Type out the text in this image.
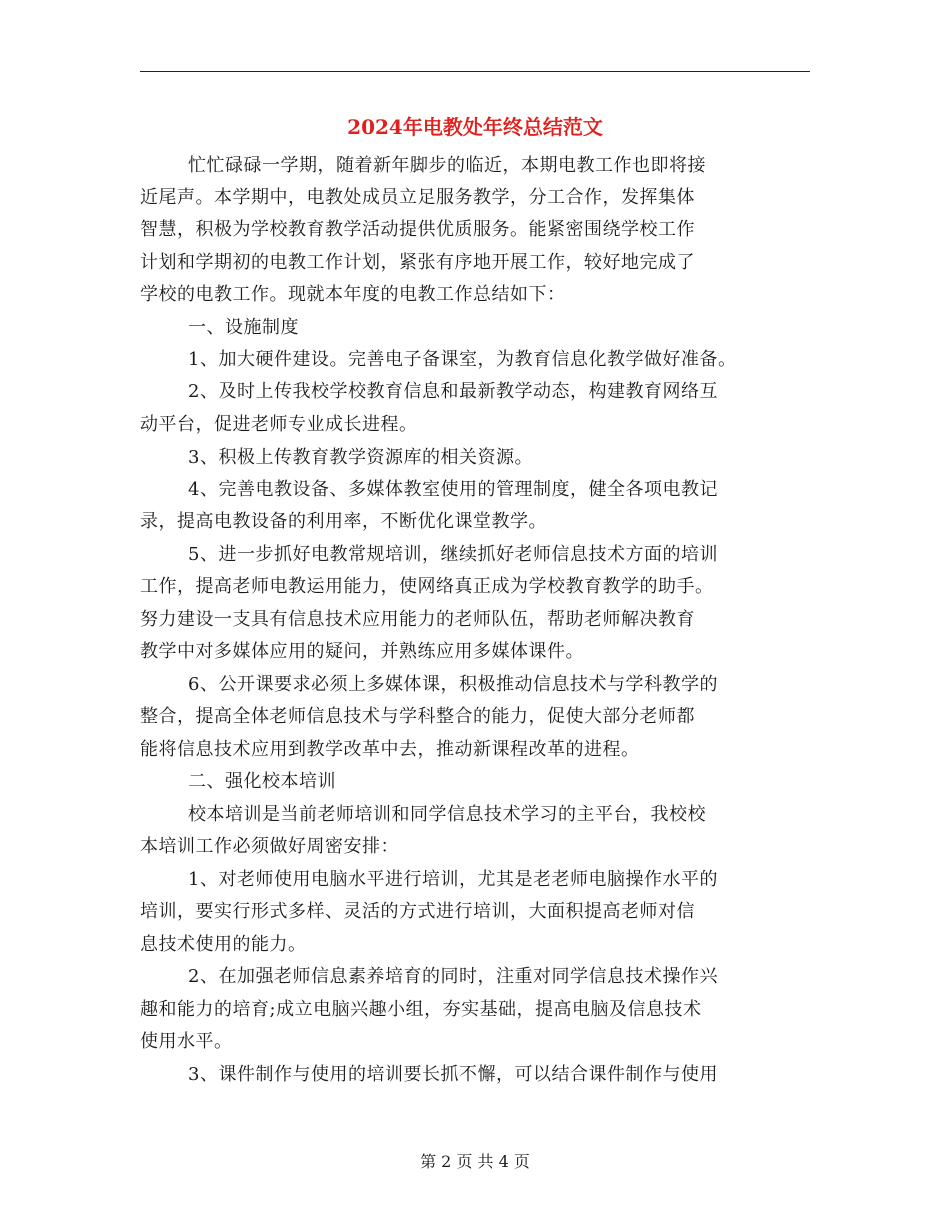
2024年电教处年终总结范文
忙忙碌碌一学期，随着新年脚步的临近，本期电教工作也即将接
近尾声。本学期中，电教处成员立足服务教学，分工合作，发挥集体
智慧，积极为学校教育教学活动提供优质服务。能紧密围绕学校工作
计划和学期初的电教工作计划，紧张有序地开展工作，较好地完成了
学校的电教工作。现就本年度的电教工作总结如下：
一、设施制度
1、加大硬件建设。完善电子备课室，为教育信息化教学做好准备。
2、及时上传我校学校教育信息和最新教学动态，构建教育网络互
动平台，促进老师专业成长进程。
3、积极上传教育教学资源库的相关资源。
4、完善电教设备、多媒体教室使用的管理制度，健全各项电教记
录，提高电教设备的利用率，不断优化课堂教学。
5、进一步抓好电教常规培训，继续抓好老师信息技术方面的培训
工作，提高老师电教运用能力，使网络真正成为学校教育教学的助手。
努力建设一支具有信息技术应用能力的老师队伍，帮助老师解决教育
教学中对多媒体应用的疑问，并熟练应用多媒体课件。
6、公开课要求必须上多媒体课，积极推动信息技术与学科教学的
整合，提高全体老师信息技术与学科整合的能力，促使大部分老师都
能将信息技术应用到教学改革中去，推动新课程改革的进程。
二、强化校本培训
校本培训是当前老师培训和同学信息技术学习的主平台，我校校
本培训工作必须做好周密安排：
1、对老师使用电脑水平进行培训，尤其是老老师电脑操作水平的
培训，要实行形式多样、灵活的方式进行培训，大面积提高老师对信
息技术使用的能力。
2、在加强老师信息素养培育的同时，注重对同学信息技术操作兴
趣和能力的培育;成立电脑兴趣小组，夯实基础，提高电脑及信息技术
使用水平。
3、课件制作与使用的培训要长抓不懈，可以结合课件制作与使用
第 2 页 共 4 页
